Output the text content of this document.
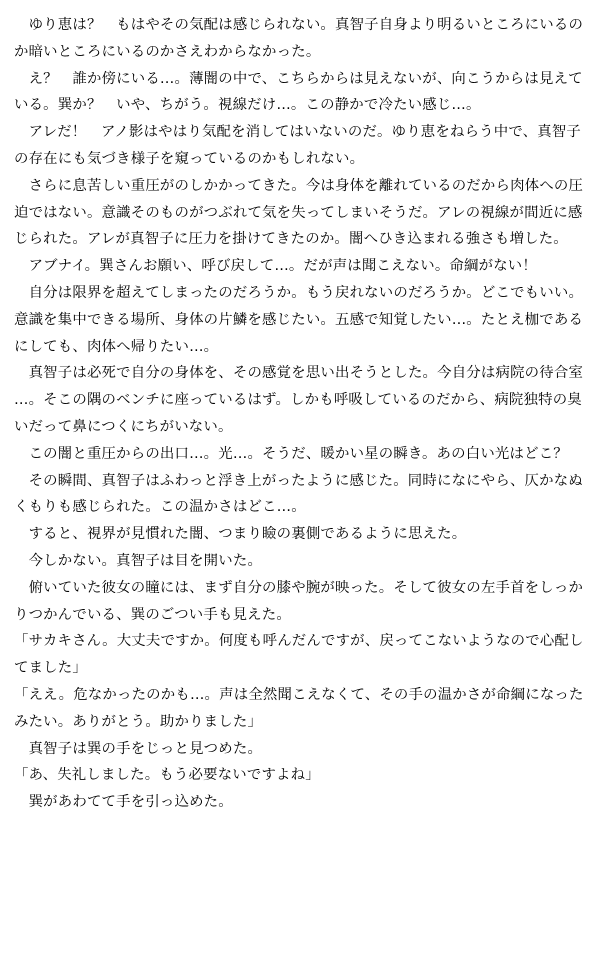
　ゆり恵は？　もはやその気配は感じられない。真智子自身より明るいところにいるのか暗いところにいるのかさえわからなかった。

　え？　誰か傍にいる…。薄闇の中で、こちらからは見えないが、向こうからは見えている。巽か？　いや、ちがう。視線だけ…。この静かで冷たい感じ…。

　アレだ！　アノ影はやはり気配を消してはいないのだ。ゆり恵をねらう中で、真智子の存在にも気づき様子を窺っているのかもしれない。

　さらに息苦しい重圧がのしかかってきた。今は身体を離れているのだから肉体への圧迫ではない。意識そのものがつぶれて気を失ってしまいそうだ。アレの視線が間近に感じられた。アレが真智子に圧力を掛けてきたのか。闇へひき込まれる強さも増した。

　アブナイ。巽さんお願い、呼び戻して…。だが声は聞こえない。命綱がない！

　自分は限界を超えてしまったのだろうか。もう戻れないのだろうか。どこでもいい。意識を集中できる場所、身体の片鱗を感じたい。五感で知覚したい…。たとえ枷であるにしても、肉体へ帰りたい…。

　真智子は必死で自分の身体を、その感覚を思い出そうとした。今自分は病院の待合室…。そこの隅のベンチに座っているはず。しかも呼吸しているのだから、病院独特の臭いだって鼻につくにちがいない。

　この闇と重圧からの出口…。光…。そうだ、暖かい星の瞬き。あの白い光はどこ？

　その瞬間、真智子はふわっと浮き上がったように感じた。同時になにやら、仄かなぬくもりも感じられた。この温かさはどこ…。

　すると、視界が見慣れた闇、つまり瞼の裏側であるように思えた。

　今しかない。真智子は目を開いた。

　俯いていた彼女の瞳には、まず自分の膝や腕が映った。そして彼女の左手首をしっかりつかんでいる、巽のごつい手も見えた。

「サカキさん。大丈夫ですか。何度も呼んだんですが、戻ってこないようなので心配してました」

「ええ。危なかったのかも…。声は全然聞こえなくて、その手の温かさが命綱になったみたい。ありがとう。助かりました」

　真智子は巽の手をじっと見つめた。

「あ、失礼しました。もう必要ないですよね」

　巽があわてて手を引っ込めた。
